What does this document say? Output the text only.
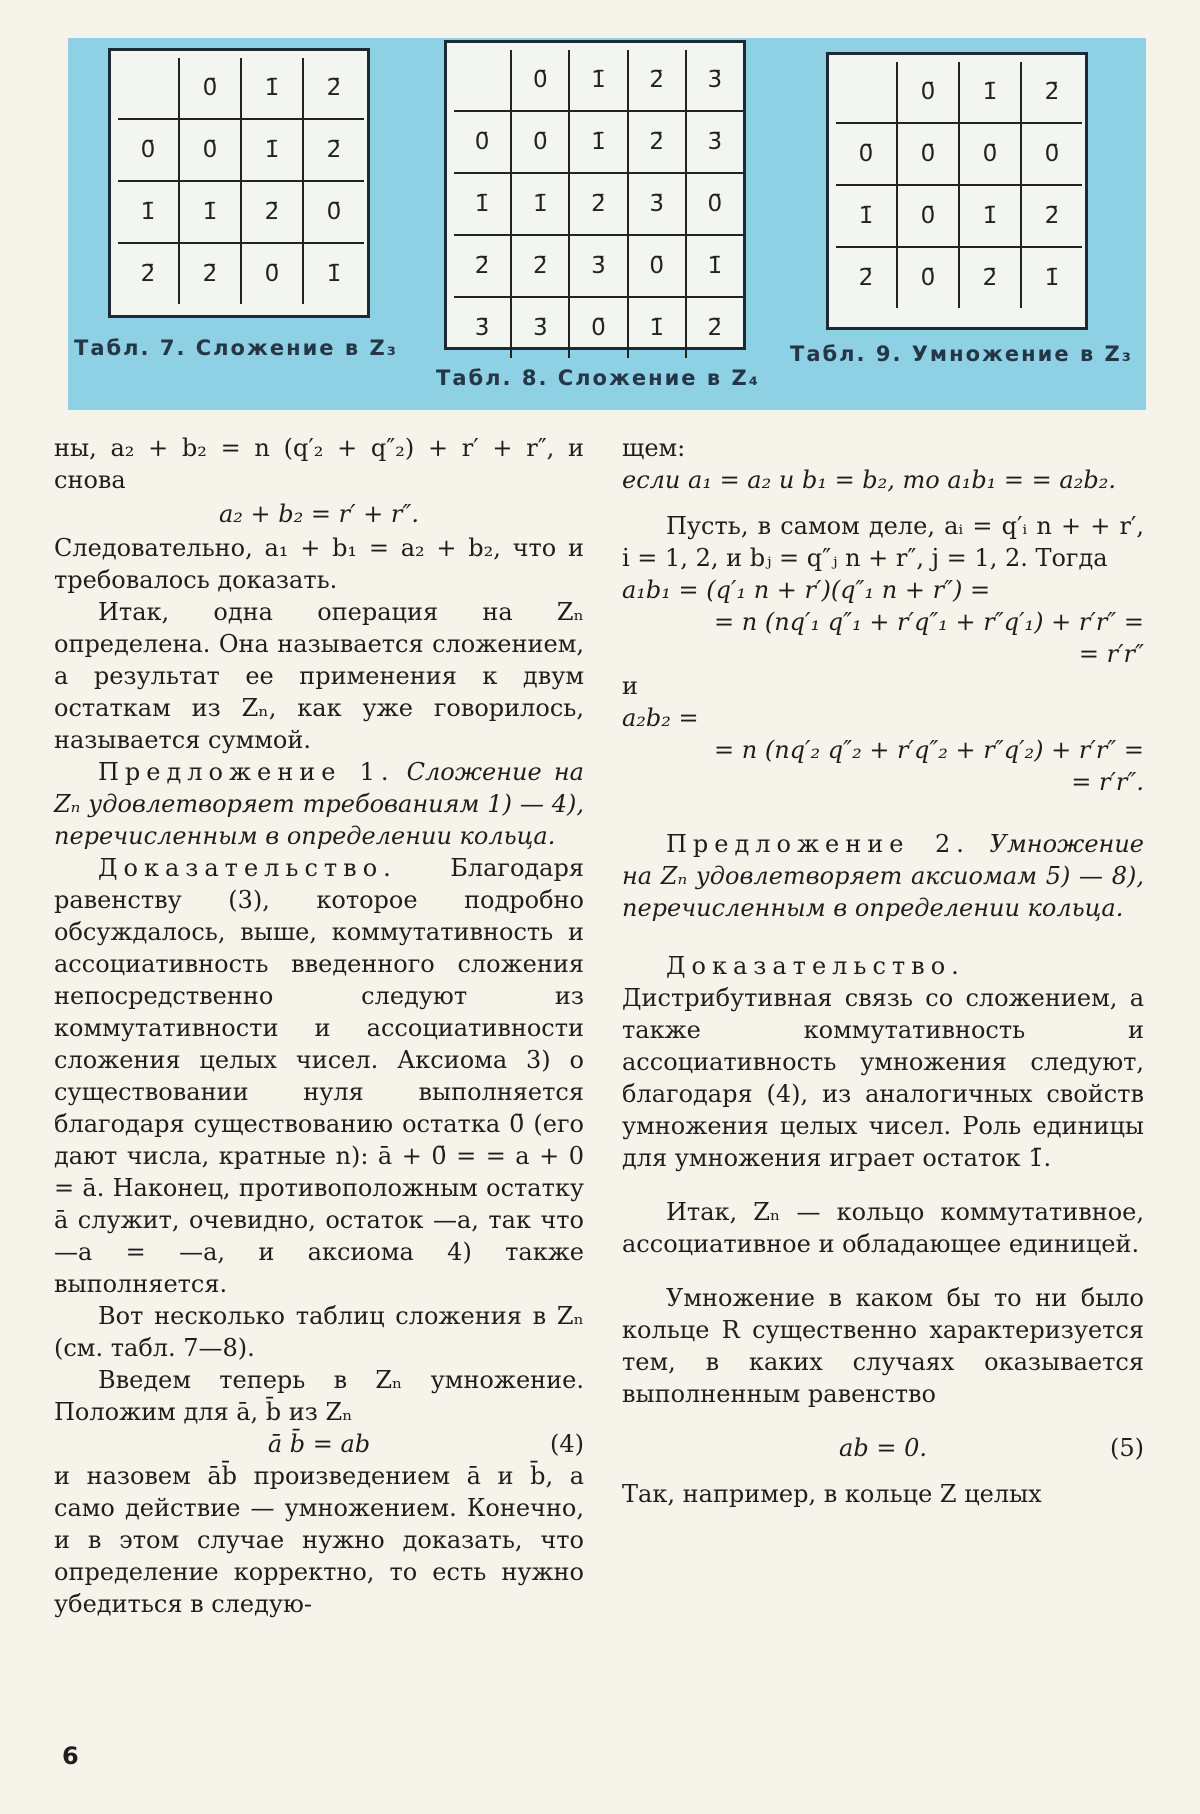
	0̄	1̄	2̄
0̄	0̄	1̄	2̄
1̄	1̄	2̄	0̄
2̄	2̄	0̄	1̄
Табл. 7. Сложение в Z₃
	0̄	1̄	2̄	3̄
0̄	0̄	1̄	2̄	3̄
1̄	1̄	2̄	3̄	0̄
2̄	2̄	3̄	0̄	1̄
3̄	3̄	0̄	1̄	2̄
Табл. 8. Сложение в Z₄
	0̄	1̄	2̄
0̄	0̄	0̄	0̄
1̄	0̄	1̄	2̄
2̄	0̄	2̄	1̄
Табл. 9. Умножение в Z₃

ны, a₂ + b₂ = n (q′₂ + q″₂) + r′ + r″, и снова

a₂ + b₂ = r′ + r″.

Следовательно, a₁ + b₁ = a₂ + b₂, что и требовалось доказать.

Итак, одна операция на Zₙ определена. Она называется сложением, а результат ее применения к двум остаткам из Zₙ, как уже говорилось, называется суммой.

Предложение 1. Сложение на Zₙ удовлетворяет требованиям 1) — 4), перечисленным в определении кольца.

Доказательство. Благодаря равенству (3), которое подробно обсуждалось, выше, коммутативность и ассоциативность введенного сложения непосредственно следуют из коммутативности и ассоциативности сложения целых чисел. Аксиома 3) о существовании нуля выполняется благодаря существованию остатка 0̄ (его дают числа, кратные n): ā + 0̄ = = a + 0 = ā. Наконец, противоположным остатку ā служит, очевидно, остаток —a, так что —a = —a, и аксиома 4) также выполняется.

Вот несколько таблиц сложения в Zₙ (см. табл. 7—8).

Введем теперь в Zₙ умножение. Положим для ā, b̄ из Zₙ

ā b̄ = ab	(4)

и назовем āb̄ произведением ā и b̄, а само действие — умножением. Конечно, и в этом случае нужно доказать, что определение корректно, то есть нужно убедиться в следую-

щем:

если a₁ = a₂ и b₁ = b₂, то a₁b₁ = = a₂b₂.

Пусть, в самом деле, aᵢ = q′ᵢ n + + r′, i = 1, 2, и bⱼ = q″ⱼ n + r″, j = 1, 2. Тогда

a₁b₁ = (q′₁ n + r′)(q″₁ n + r″) =

= n (nq′₁ q″₁ + r′q″₁ + r″q′₁) + r′r″ =

= r′r″

и

a₂b₂ =

= n (nq′₂ q″₂ + r′q″₂ + r″q′₂) + r′r″ =

= r′r″.

Предложение 2. Умножение на Zₙ удовлетворяет аксиомам 5) — 8), перечисленным в определении кольца.

Доказательство. Дистрибутивная связь со сложением, а также коммутативность и ассоциативность умножения следуют, благодаря (4), из аналогичных свойств умножения целых чисел. Роль единицы для умножения играет остаток 1̄.

Итак, Zₙ — кольцо коммутативное, ассоциативное и обладающее единицей.

Умножение в каком бы то ни было кольце R существенно характеризуется тем, в каких случаях оказывается выполненным равенство

ab = 0.	(5)

Так, например, в кольце Z целых

6
